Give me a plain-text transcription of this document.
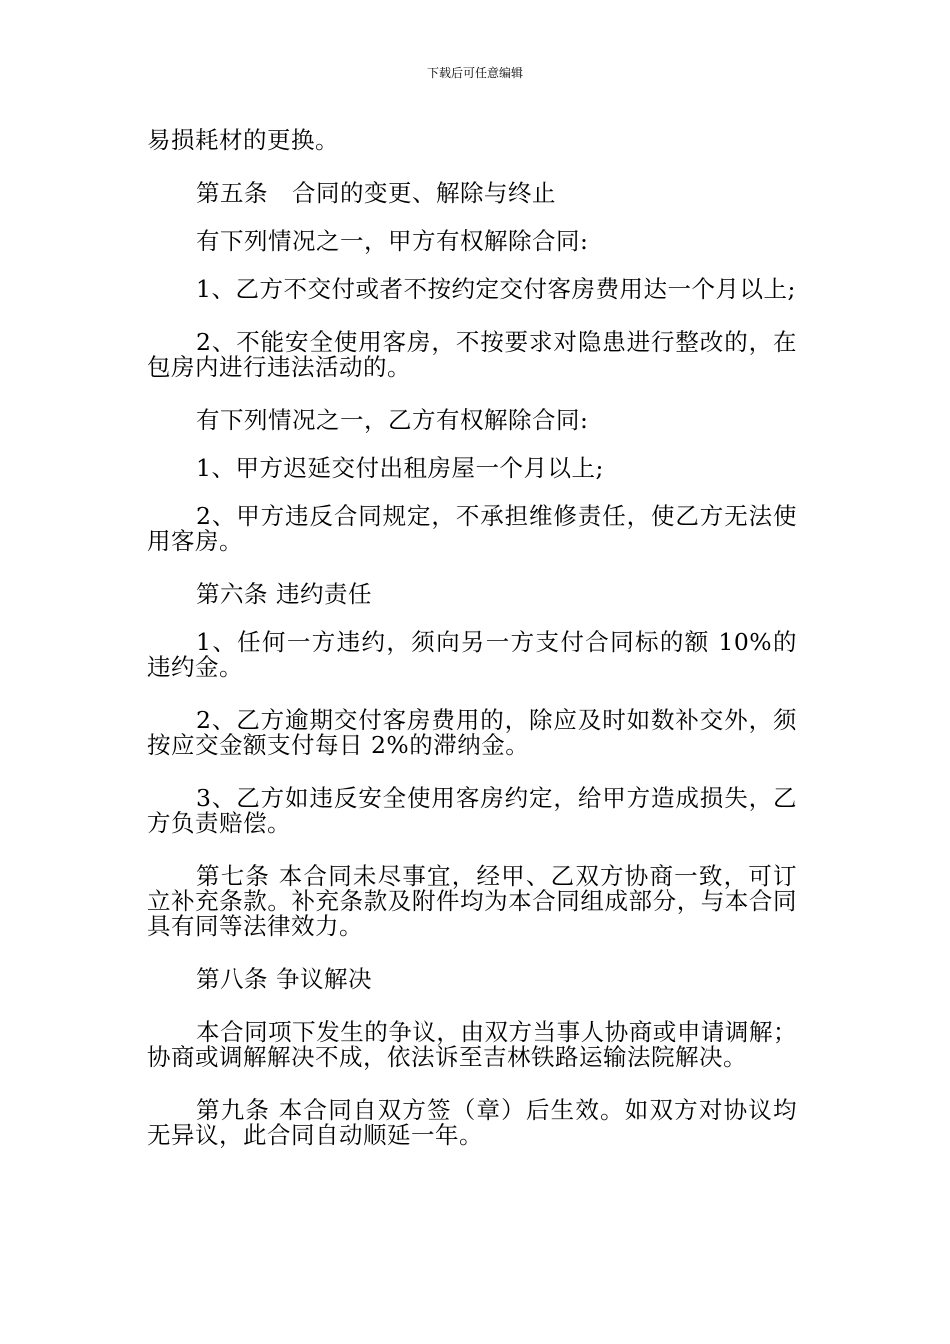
下载后可任意编辑

易损耗材的更换。

第五条　合同的变更、解除与终止

有下列情况之一，甲方有权解除合同:

1、乙方不交付或者不按约定交付客房费用达一个月以上;

2、不能安全使用客房，不按要求对隐患进行整改的，在包房内进行违法活动的。

有下列情况之一，乙方有权解除合同:

1、甲方迟延交付出租房屋一个月以上;

2、甲方违反合同规定，不承担维修责任，使乙方无法使用客房。

第六条 违约责任

1、任何一方违约，须向另一方支付合同标的额 10%的违约金。

2、乙方逾期交付客房费用的，除应及时如数补交外，须按应交金额支付每日 2%的滞纳金。

3、乙方如违反安全使用客房约定，给甲方造成损失，乙方负责赔偿。

第七条 本合同未尽事宜，经甲、乙双方协商一致，可订立补充条款。补充条款及附件均为本合同组成部分，与本合同具有同等法律效力。

第八条 争议解决

本合同项下发生的争议，由双方当事人协商或申请调解；协商或调解解决不成，依法诉至吉林铁路运输法院解决。

第九条 本合同自双方签（章）后生效。如双方对协议均无异议，此合同自动顺延一年。
